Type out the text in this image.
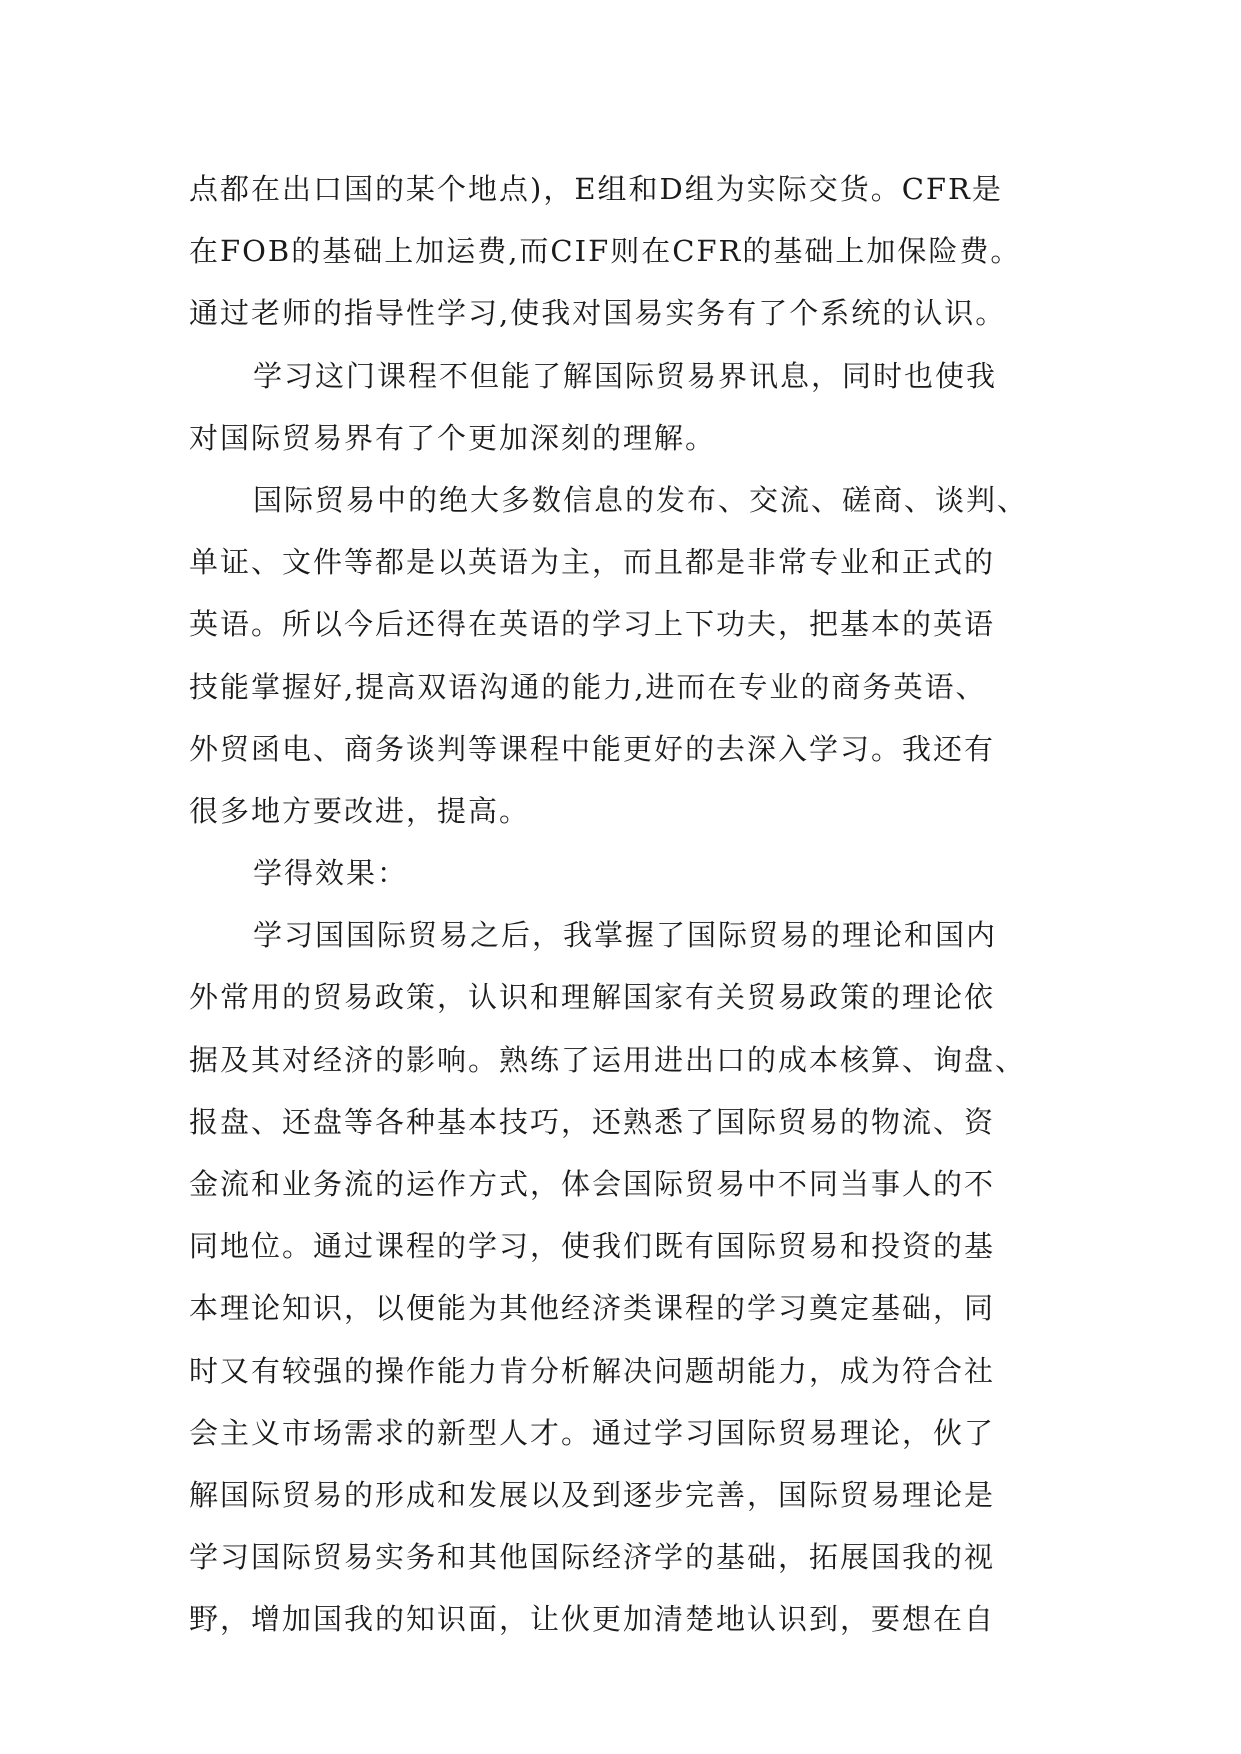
点都在出口国的某个地点)，E组和D组为实际交货。CFR是
在FOB的基础上加运费,而CIF则在CFR的基础上加保险费。
通过老师的指导性学习,使我对国易实务有了个系统的认识。
学习这门课程不但能了解国际贸易界讯息，同时也使我
对国际贸易界有了个更加深刻的理解。
国际贸易中的绝大多数信息的发布、交流、磋商、谈判、
单证、文件等都是以英语为主，而且都是非常专业和正式的
英语。所以今后还得在英语的学习上下功夫，把基本的英语
技能掌握好,提高双语沟通的能力,进而在专业的商务英语、
外贸函电、商务谈判等课程中能更好的去深入学习。我还有
很多地方要改进，提高。
学得效果：
学习国国际贸易之后，我掌握了国际贸易的理论和国内
外常用的贸易政策，认识和理解国家有关贸易政策的理论依
据及其对经济的影响。熟练了运用进出口的成本核算、询盘、
报盘、还盘等各种基本技巧，还熟悉了国际贸易的物流、资
金流和业务流的运作方式，体会国际贸易中不同当事人的不
同地位。通过课程的学习，使我们既有国际贸易和投资的基
本理论知识，以便能为其他经济类课程的学习奠定基础，同
时又有较强的操作能力肯分析解决问题胡能力，成为符合社
会主义市场需求的新型人才。通过学习国际贸易理论，伙了
解国际贸易的形成和发展以及到逐步完善，国际贸易理论是
学习国际贸易实务和其他国际经济学的基础，拓展国我的视
野，增加国我的知识面，让伙更加清楚地认识到，要想在自
